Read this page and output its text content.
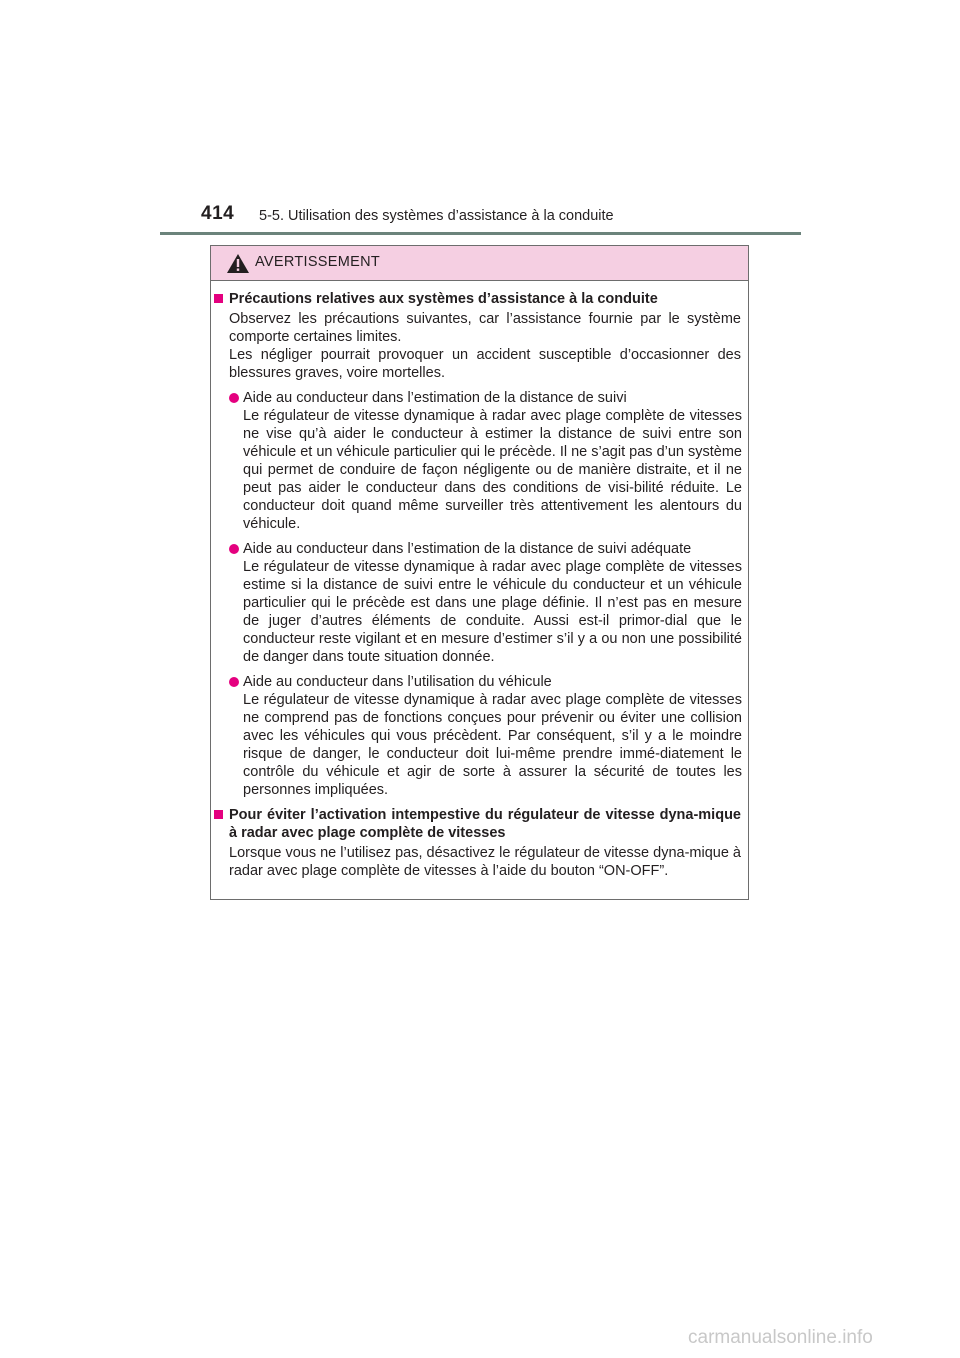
414 5-5. Utilisation des systèmes d’assistance à la conduite
AVERTISSEMENT
Précautions relatives aux systèmes d’assistance à la conduite
Observez les précautions suivantes, car l’assistance fournie par le système comporte certaines limites.
Les négliger pourrait provoquer un accident susceptible d’occasionner des blessures graves, voire mortelles.
Aide au conducteur dans l’estimation de la distance de suivi
Le régulateur de vitesse dynamique à radar avec plage complète de vitesses ne vise qu’à aider le conducteur à estimer la distance de suivi entre son véhicule et un véhicule particulier qui le précède. Il ne s’agit pas d’un système qui permet de conduire de façon négligente ou de manière distraite, et il ne peut pas aider le conducteur dans des conditions de visi-bilité réduite. Le conducteur doit quand même surveiller très attentivement les alentours du véhicule.
Aide au conducteur dans l’estimation de la distance de suivi adéquate
Le régulateur de vitesse dynamique à radar avec plage complète de vitesses estime si la distance de suivi entre le véhicule du conducteur et un véhicule particulier qui le précède est dans une plage définie. Il n’est pas en mesure de juger d’autres éléments de conduite. Aussi est-il primor-dial que le conducteur reste vigilant et en mesure d’estimer s’il y a ou non une possibilité de danger dans toute situation donnée.
Aide au conducteur dans l’utilisation du véhicule
Le régulateur de vitesse dynamique à radar avec plage complète de vitesses ne comprend pas de fonctions conçues pour prévenir ou éviter une collision avec les véhicules qui vous précèdent. Par conséquent, s’il y a le moindre risque de danger, le conducteur doit lui-même prendre immé-diatement le contrôle du véhicule et agir de sorte à assurer la sécurité de toutes les personnes impliquées.
Pour éviter l’activation intempestive du régulateur de vitesse dyna-mique à radar avec plage complète de vitesses
Lorsque vous ne l’utilisez pas, désactivez le régulateur de vitesse dyna-mique à radar avec plage complète de vitesses à l’aide du bouton “ON-OFF”.
carmanualsonline.info
